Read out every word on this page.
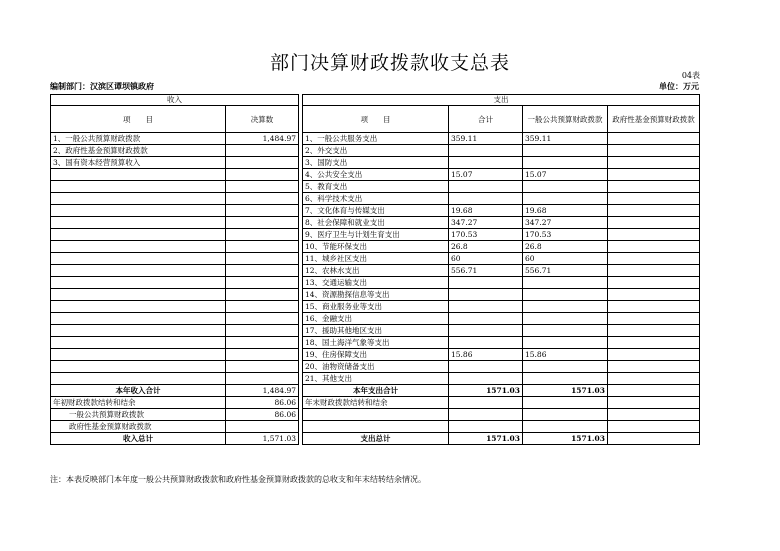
部门决算财政拨款收支总表
04表
编制部门：汉滨区谭坝镇政府	单位：万元
收入			支出			
项　　目	决算数		项　　目	合计	一般公共预算财政拨款	政府性基金预算财政拨款
1、一般公共预算财政拨款	1,484.97		1、一般公共服务支出	359.11	359.11	
2、政府性基金预算财政拨款			2、外交支出			
3、国有资本经营预算收入			3、国防支出			
			4、公共安全支出	15.07	15.07	
			5、教育支出			
			6、科学技术支出			
			7、文化体育与传媒支出	19.68	19.68	
			8、社会保障和就业支出	347.27	347.27	
			9、医疗卫生与计划生育支出	170.53	170.53	
			10、节能环保支出	26.8	26.8	
			11、城乡社区支出	60	60	
			12、农林水支出	556.71	556.71	
			13、交通运输支出			
			14、资源勘探信息等支出			
			15、商业服务业等支出			
			16、金融支出			
			17、援助其他地区支出			
			18、国土海洋气象等支出			
			19、住房保障支出	15.86	15.86	
			20、油物资储备支出			
			21、其他支出			
本年收入合计	1,484.97		本年支出合计	1571.03	1571.03	
年初财政拨款结转和结余	86.06		年末财政拨款结转和结余			
一般公共预算财政拨款	86.06					
政府性基金预算财政拨款						
收入总计	1,571.03		支出总计	1571.03	1571.03	
注：本表反映部门本年度一般公共预算财政拨款和政府性基金预算财政拨款的总收支和年末结转结余情况。
